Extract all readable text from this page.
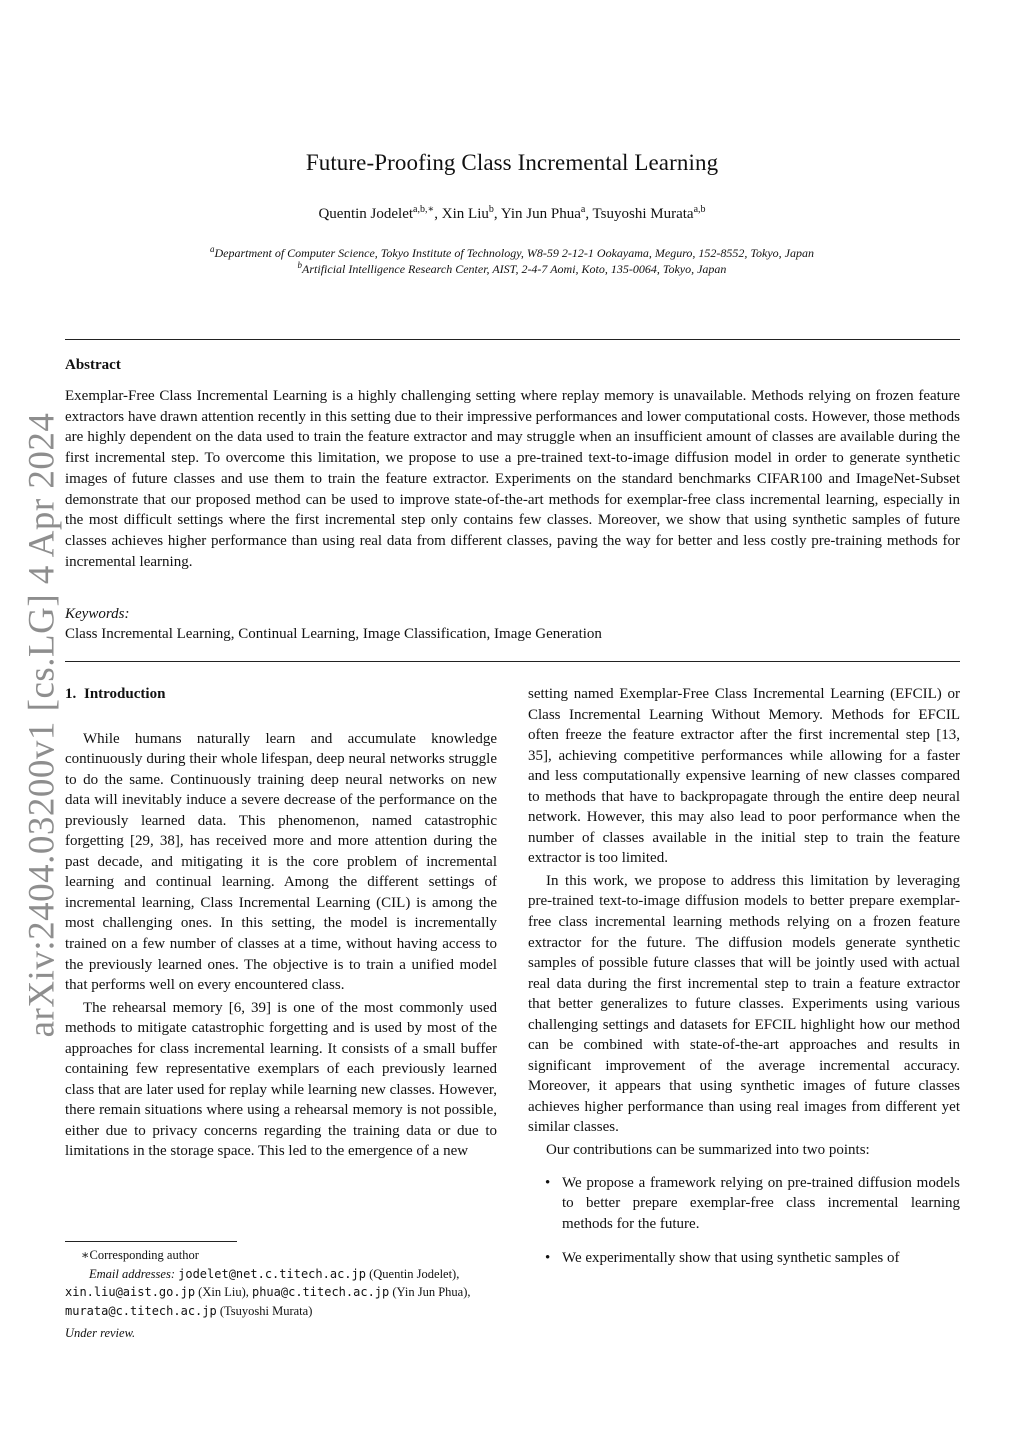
arXiv:2404.03200v1 [cs.LG] 4 Apr 2024
Future-Proofing Class Incremental Learning
Quentin Jodelet$^{a,b,∗}$, Xin Liu$^b$, Yin Jun Phua$^a$, Tsuyoshi Murata$^{a,b}$
$^a$Department of Computer Science, Tokyo Institute of Technology, W8-59 2-12-1 Ookayama, Meguro, 152-8552, Tokyo, Japan
$^b$Artificial Intelligence Research Center, AIST, 2-4-7 Aomi, Koto, 135-0064, Tokyo, Japan
Abstract
Exemplar-Free Class Incremental Learning is a highly challenging setting where replay memory is unavailable. Methods relying on frozen feature extractors have drawn attention recently in this setting due to their impressive performances and lower computational costs. However, those methods are highly dependent on the data used to train the feature extractor and may struggle when an insufficient amount of classes are available during the first incremental step. To overcome this limitation, we propose to use a pre-trained text-to-image diffusion model in order to generate synthetic images of future classes and use them to train the feature extractor. Experiments on the standard benchmarks CIFAR100 and ImageNet-Subset demonstrate that our proposed method can be used to improve state-of-the-art methods for exemplar-free class incremental learning, especially in the most difficult settings where the first incremental step only contains few classes. Moreover, we show that using synthetic samples of future classes achieves higher performance than using real data from different classes, paving the way for better and less costly pre-training methods for incremental learning.
Keywords:
Class Incremental Learning, Continual Learning, Image Classification, Image Generation
1. Introduction

While humans naturally learn and accumulate knowledge continuously during their whole lifespan, deep neural networks struggle to do the same. Continuously training deep neural networks on new data will inevitably induce a severe decrease of the performance on the previously learned data. This phenomenon, named catastrophic forgetting [29, 38], has received more and more attention during the past decade, and mitigating it is the core problem of incremental learning and continual learning. Among the different settings of incremental learning, Class Incremental Learning (CIL) is among the most challenging ones. In this setting, the model is incrementally trained on a few number of classes at a time, without having access to the previously learned ones. The objective is to train a unified model that performs well on every encountered class.

The rehearsal memory [6, 39] is one of the most commonly used methods to mitigate catastrophic forgetting and is used by most of the approaches for class incremental learning. It consists of a small buffer containing few representative exemplars of each previously learned class that are later used for replay while learning new classes. However, there remain situations where using a rehearsal memory is not possible, either due to privacy concerns regarding the training data or due to limitations in the storage space. This led to the emergence of a new

setting named Exemplar-Free Class Incremental Learning (EFCIL) or Class Incremental Learning Without Memory. Methods for EFCIL often freeze the feature extractor after the first incremental step [13, 35], achieving competitive performances while allowing for a faster and less computationally expensive learning of new classes compared to methods that have to backpropagate through the entire deep neural network. However, this may also lead to poor performance when the number of classes available in the initial step to train the feature extractor is too limited.

In this work, we propose to address this limitation by leveraging pre-trained text-to-image diffusion models to better prepare exemplar-free class incremental learning methods relying on a frozen feature extractor for the future. The diffusion models generate synthetic samples of possible future classes that will be jointly used with actual real data during the first incremental step to train a feature extractor that better generalizes to future classes. Experiments using various challenging settings and datasets for EFCIL highlight how our method can be combined with state-of-the-art approaches and results in significant improvement of the average incremental accuracy. Moreover, it appears that using synthetic images of future classes achieves higher performance than using real images from different yet similar classes.

Our contributions can be summarized into two points:

• We propose a framework relying on pre-trained diffusion models to better prepare exemplar-free class incremental learning methods for the future.
• We experimentally show that using synthetic samples of
∗Corresponding author
Email addresses: jodelet@net.c.titech.ac.jp (Quentin Jodelet), xin.liu@aist.go.jp (Xin Liu), phua@c.titech.ac.jp (Yin Jun Phua), murata@c.titech.ac.jp (Tsuyoshi Murata)
Under review.
